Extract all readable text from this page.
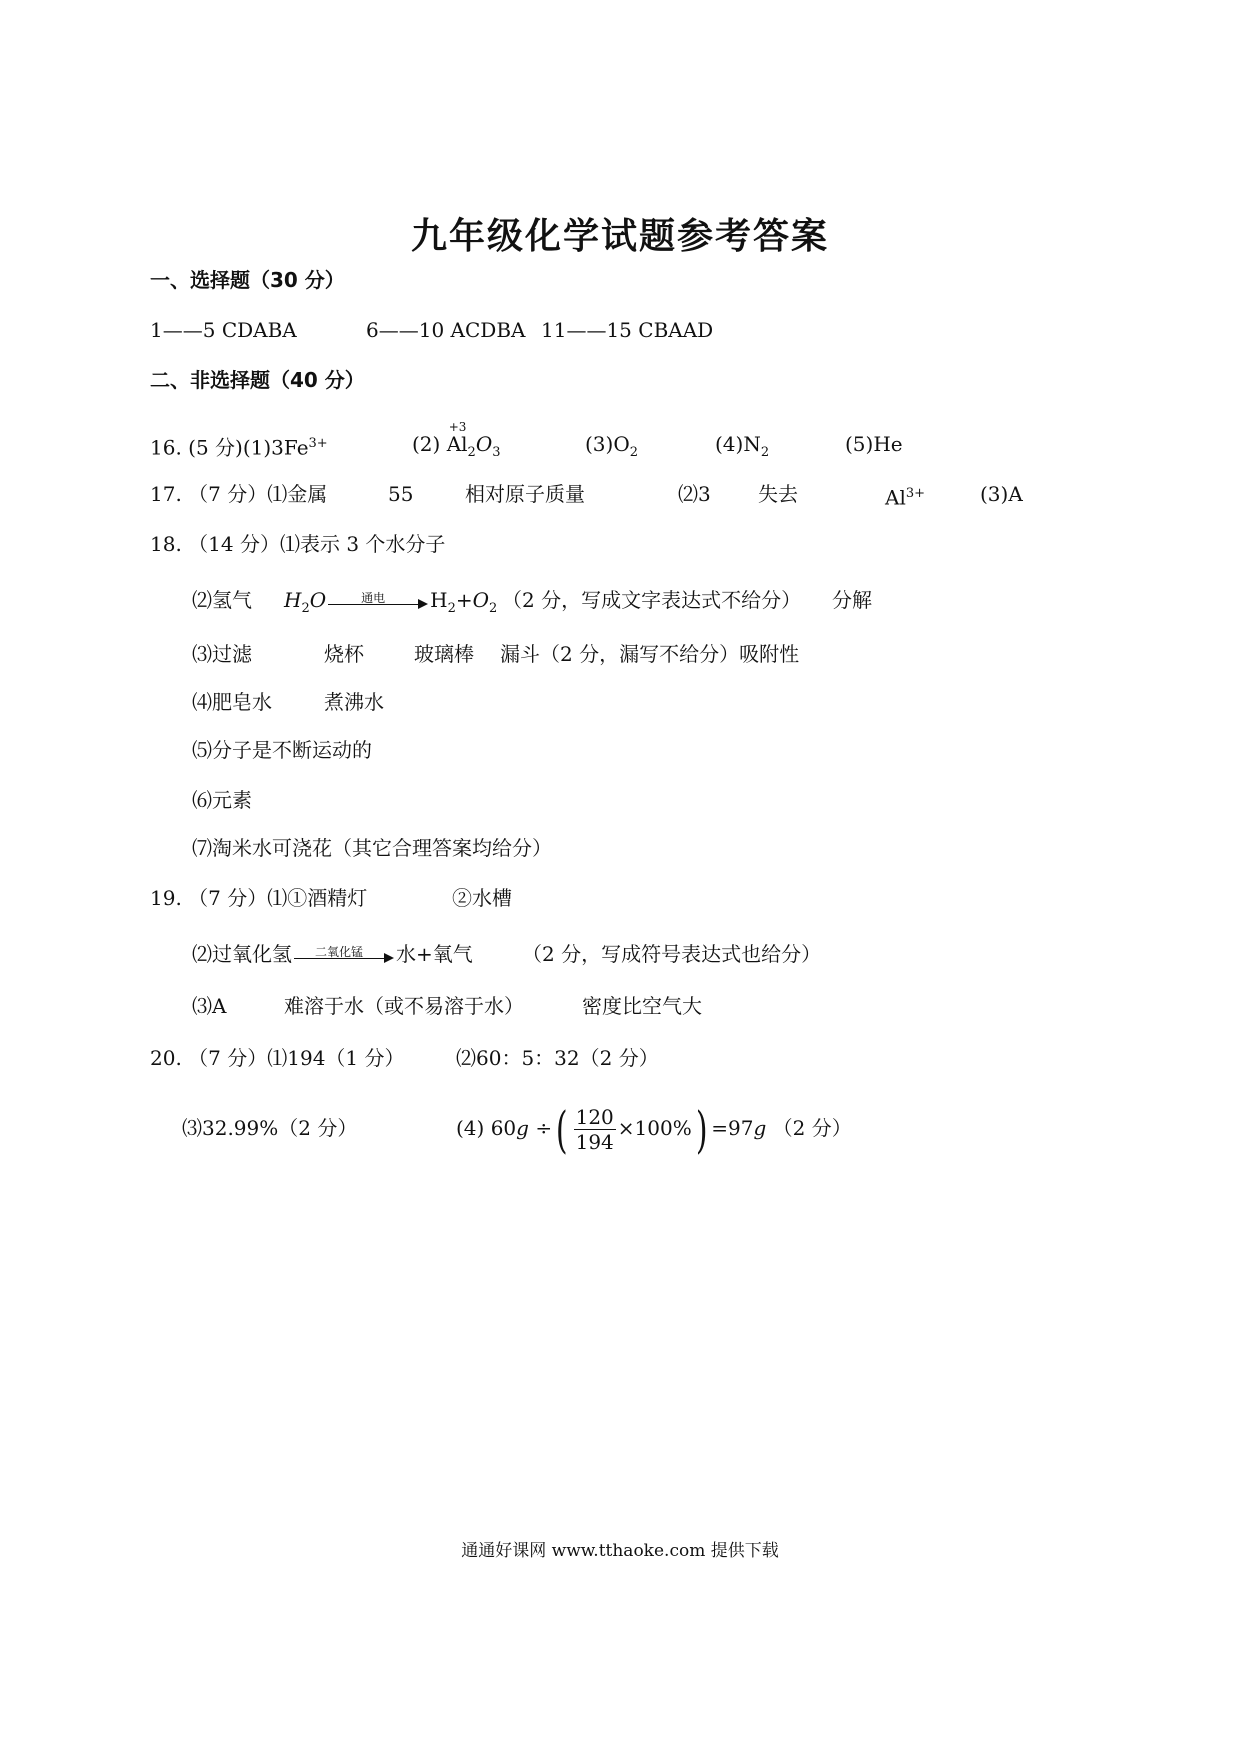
九年级化学试题参考答案
一、选择题（30 分）
1——5 CDABA	6——10 ACDBA 11——15 CBAAD
二、非选择题（40 分）
16. (5 分)$(1)3Fe^{3+}$	(2)
+3
$Al_2O_3$	$(3)O_2$	$(4)N_2$	(5)He
17. （7 分）⑴金属	55	相对原子质量	⑵3 失去	$Al^{3+}$	(3)A
18. （14 分）⑴表示 3 个水分子
⑵氢气 $H_2O$	通电	$H_2+O_2$ （2 分，写成文字表达式不给分） 分解
⑶过滤	烧杯	玻璃棒 漏斗（2 分，漏写不给分）吸附性
⑷肥皂水	煮沸水
⑸分子是不断运动的
⑹元素
⑺淘米水可浇花（其它合理答案均给分）
19. （7 分）⑴①酒精灯	②水槽
⑵过氧化氢	二氧化锰	水+氧气 （2 分，写成符号表达式也给分）
⑶A	难溶于水（或不易溶于水）	密度比空气大
20. （7 分）⑴194（1 分）	⑵60：5：32（2 分）
⑶32.99%（2 分）	(4) 60g ÷( $\frac{120}{194} \times 100\%) =97g$ （2 分）
通通好课网 www.tthaoke.com 提供下载
